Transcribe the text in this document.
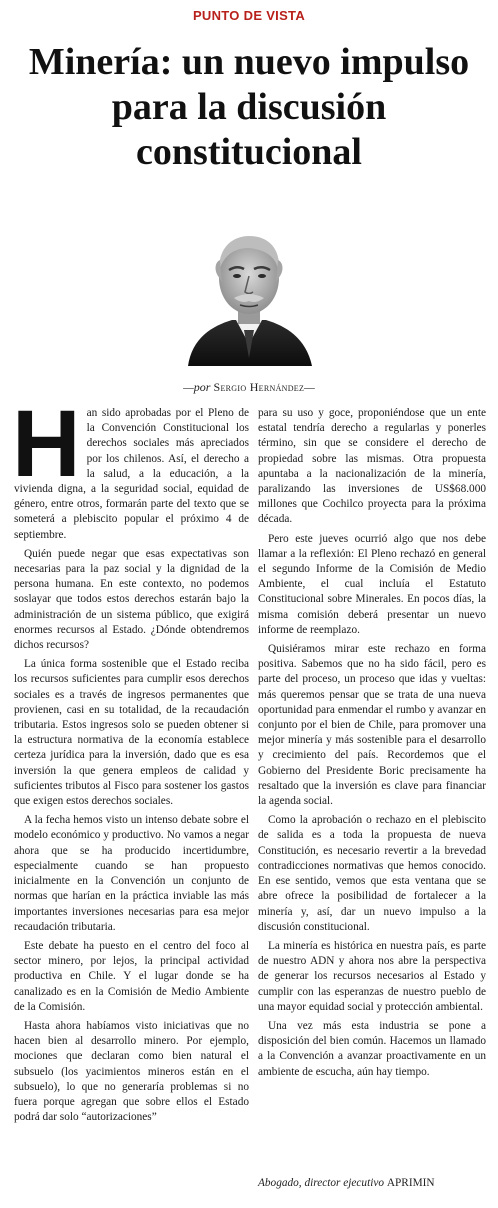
PUNTO DE VISTA
Minería: un nuevo impulso para la discusión constitucional
—por Sergio Hernández—

Han sido aprobadas por el Pleno de la Convención Constitucional los derechos sociales más apreciados por los chilenos. Así, el derecho a la salud, a la educación, a la vivienda digna, a la seguridad social, equidad de género, entre otros, formarán parte del texto que se someterá a plebiscito popular el próximo 4 de septiembre.

Quién puede negar que esas expectativas son necesarias para la paz social y la dignidad de la persona humana. En este contexto, no podemos soslayar que todos estos derechos estarán bajo la administración de un sistema público, que exigirá enormes recursos al Estado. ¿Dónde obtendremos dichos recursos?

La única forma sostenible que el Estado reciba los recursos suficientes para cumplir esos derechos sociales es a través de ingresos permanentes que provienen, casi en su totalidad, de la recaudación tributaria. Estos ingresos solo se pueden obtener si la estructura normativa de la economía establece certeza jurídica para la inversión, dado que es esa inversión la que genera empleos de calidad y suficientes tributos al Fisco para sostener los gastos que exigen estos derechos sociales.

A la fecha hemos visto un intenso debate sobre el modelo económico y productivo. No vamos a negar ahora que se ha producido incertidumbre, especialmente cuando se han propuesto inicialmente en la Convención un conjunto de normas que harían en la práctica inviable las más importantes inversiones necesarias para esa mejor recaudación tributaria.

Este debate ha puesto en el centro del foco al sector minero, por lejos, la principal actividad productiva en Chile. Y el lugar donde se ha canalizado es en la Comisión de Medio Ambiente de la Comisión.

Hasta ahora habíamos visto iniciativas que no hacen bien al desarrollo minero. Por ejemplo, mociones que declaran como bien natural el subsuelo (los yacimientos mineros están en el subsuelo), lo que no generaría problemas si no fuera porque agregan que sobre ellos el Estado podrá dar solo “autorizaciones”

para su uso y goce, proponiéndose que un ente estatal tendría derecho a regularlas y ponerles término, sin que se considere el derecho de propiedad sobre las mismas. Otra propuesta apuntaba a la nacionalización de la minería, paralizando las inversiones de US$68.000 millones que Cochilco proyecta para la próxima década.

Pero este jueves ocurrió algo que nos debe llamar a la reflexión: El Pleno rechazó en general el segundo Informe de la Comisión de Medio Ambiente, el cual incluía el Estatuto Constitucional sobre Minerales. En pocos días, la misma comisión deberá presentar un nuevo informe de reemplazo.

Quisiéramos mirar este rechazo en forma positiva. Sabemos que no ha sido fácil, pero es parte del proceso, un proceso que idas y vueltas: más queremos pensar que se trata de una nueva oportunidad para enmendar el rumbo y avanzar en conjunto por el bien de Chile, para promover una mejor minería y más sostenible para el desarrollo y crecimiento del país. Recordemos que el Gobierno del Presidente Boric precisamente ha resaltado que la inversión es clave para financiar la agenda social.

Como la aprobación o rechazo en el plebiscito de salida es a toda la propuesta de nueva Constitución, es necesario revertir a la brevedad contradicciones normativas que hemos conocido. En ese sentido, vemos que esta ventana que se abre ofrece la posibilidad de fortalecer a la minería y, así, dar un nuevo impulso a la discusión constitucional.

La minería es histórica en nuestra país, es parte de nuestro ADN y ahora nos abre la perspectiva de generar los recursos necesarios al Estado y cumplir con las esperanzas de nuestro pueblo de una mayor equidad social y protección ambiental.

Una vez más esta industria se pone a disposición del bien común. Hacemos un llamado a la Convención a avanzar proactivamente en un ambiente de escucha, aún hay tiempo.

Abogado, director ejecutivo APRIMIN
